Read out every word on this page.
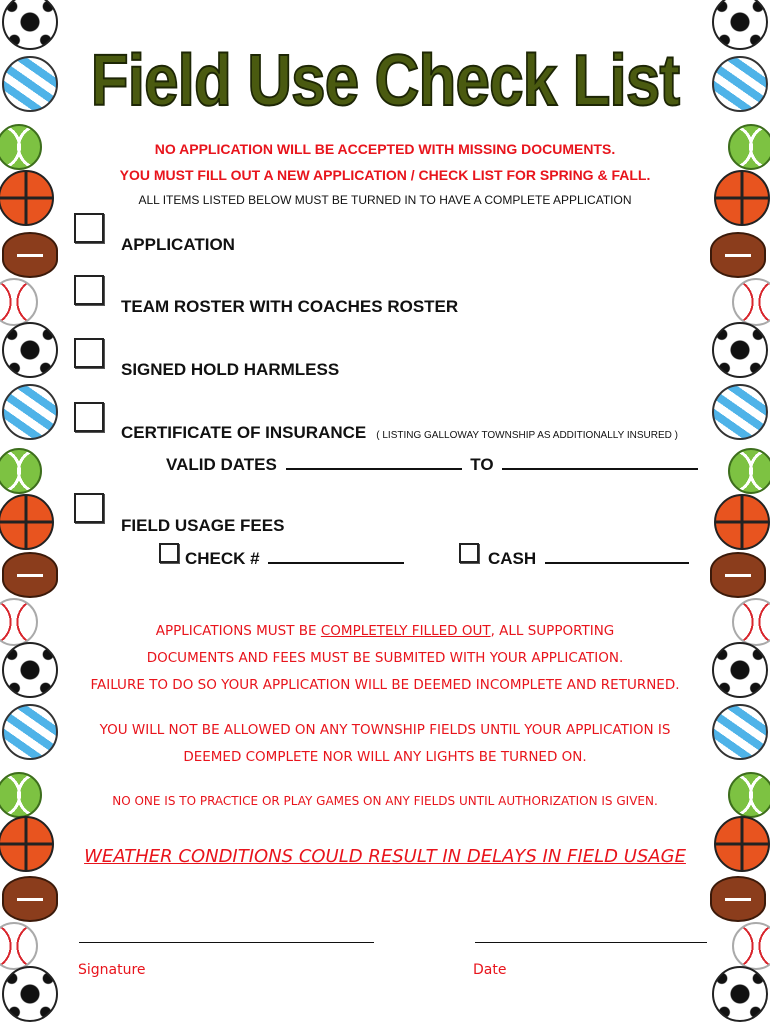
Field Use Check List
NO APPLICATION WILL BE ACCEPTED WITH MISSING DOCUMENTS.
YOU MUST FILL OUT A NEW APPLICATION / CHECK LIST FOR SPRING & FALL.
ALL ITEMS LISTED BELOW MUST BE TURNED IN TO HAVE A COMPLETE APPLICATION
APPLICATION
TEAM ROSTER WITH COACHES ROSTER
SIGNED HOLD HARMLESS
CERTIFICATE OF INSURANCE ( LISTING GALLOWAY TOWNSHIP AS ADDITIONALLY INSURED )
VALID DATES	TO
FIELD USAGE FEES
CHECK #	CASH
APPLICATIONS MUST BE COMPLETELY FILLED OUT, ALL SUPPORTING
DOCUMENTS AND FEES MUST BE SUBMITED WITH YOUR APPLICATION.
FAILURE TO DO SO YOUR APPLICATION WILL BE DEEMED INCOMPLETE AND RETURNED.
YOU WILL NOT BE ALLOWED ON ANY TOWNSHIP FIELDS UNTIL YOUR APPLICATION IS
DEEMED COMPLETE NOR WILL ANY LIGHTS BE TURNED ON.
NO ONE IS TO PRACTICE OR PLAY GAMES ON ANY FIELDS UNTIL AUTHORIZATION IS GIVEN.
WEATHER CONDITIONS COULD RESULT IN DELAYS IN FIELD USAGE
Signature	Date
